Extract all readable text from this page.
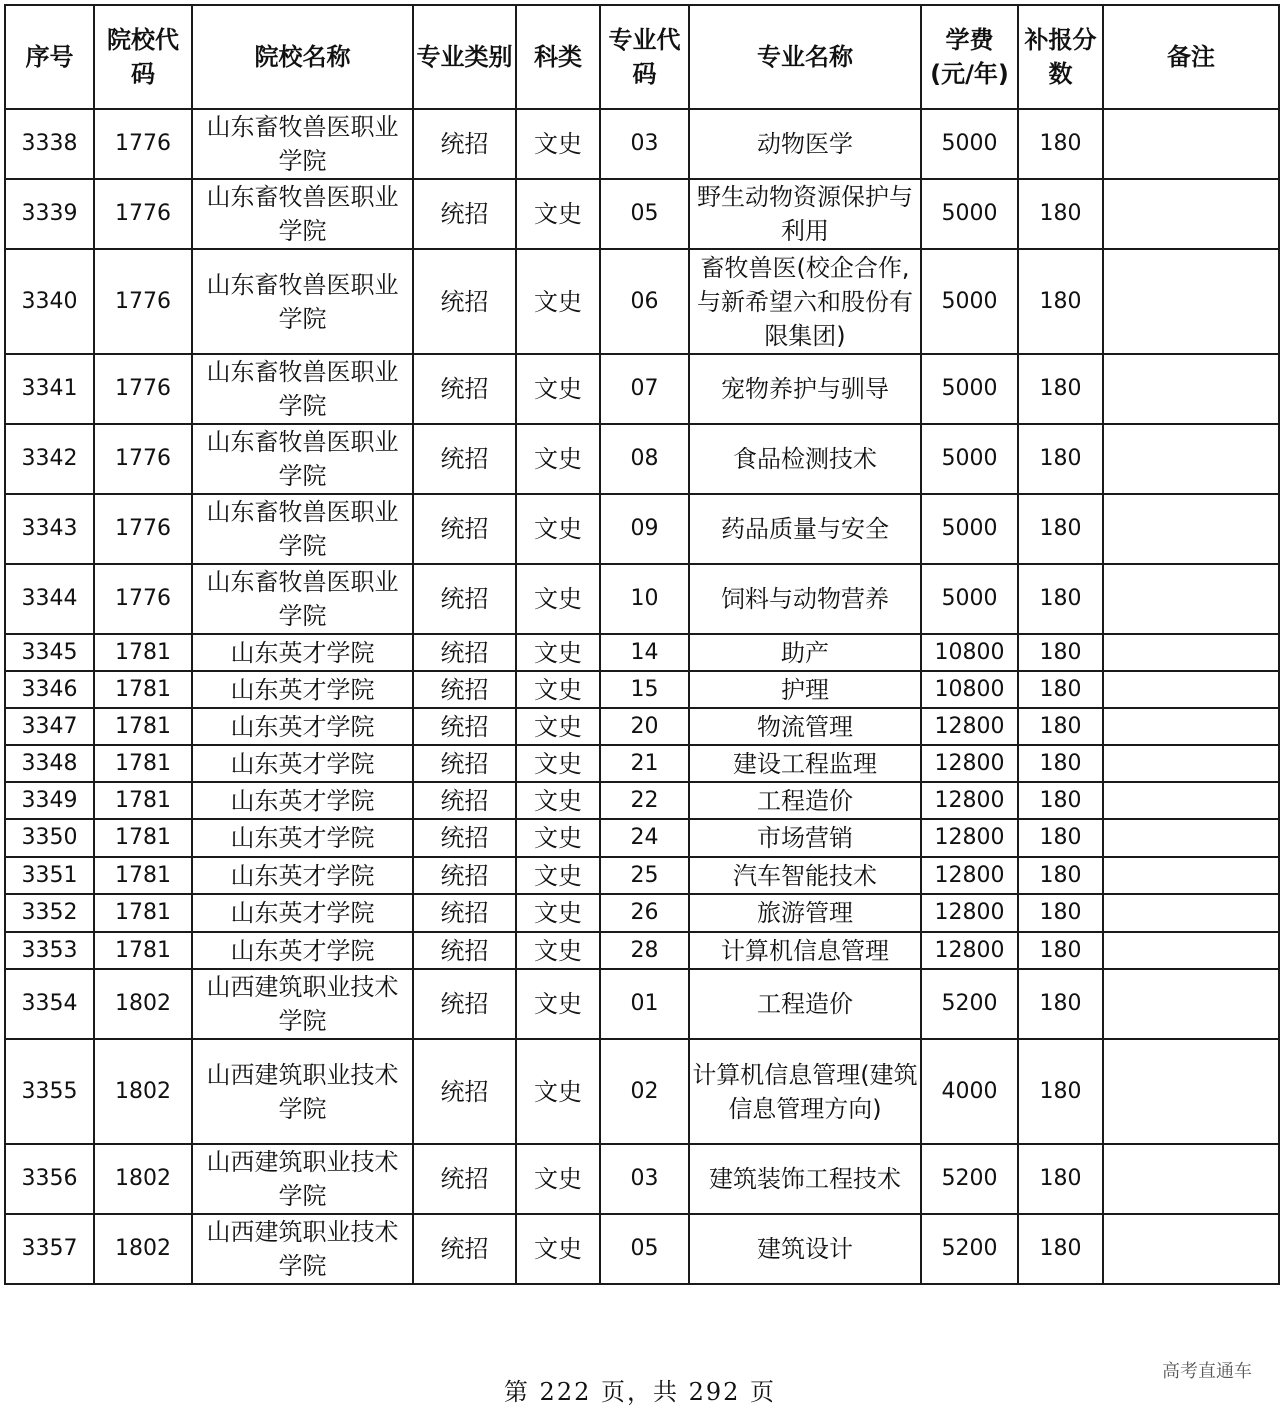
序号	院校代码	院校名称	专业类别	科类	专业代码	专业名称	学费(元/年)	补报分数	备注
3338	1776	山东畜牧兽医职业学院	统招	文史	03	动物医学	5000	180	
3339	1776	山东畜牧兽医职业学院	统招	文史	05	野生动物资源保护与利用	5000	180	
3340	1776	山东畜牧兽医职业学院	统招	文史	06	畜牧兽医(校企合作,与新希望六和股份有限集团)	5000	180	
3341	1776	山东畜牧兽医职业学院	统招	文史	07	宠物养护与驯导	5000	180	
3342	1776	山东畜牧兽医职业学院	统招	文史	08	食品检测技术	5000	180	
3343	1776	山东畜牧兽医职业学院	统招	文史	09	药品质量与安全	5000	180	
3344	1776	山东畜牧兽医职业学院	统招	文史	10	饲料与动物营养	5000	180	
3345	1781	山东英才学院	统招	文史	14	助产	10800	180	
3346	1781	山东英才学院	统招	文史	15	护理	10800	180	
3347	1781	山东英才学院	统招	文史	20	物流管理	12800	180	
3348	1781	山东英才学院	统招	文史	21	建设工程监理	12800	180	
3349	1781	山东英才学院	统招	文史	22	工程造价	12800	180	
3350	1781	山东英才学院	统招	文史	24	市场营销	12800	180	
3351	1781	山东英才学院	统招	文史	25	汽车智能技术	12800	180	
3352	1781	山东英才学院	统招	文史	26	旅游管理	12800	180	
3353	1781	山东英才学院	统招	文史	28	计算机信息管理	12800	180	
3354	1802	山西建筑职业技术学院	统招	文史	01	工程造价	5200	180	
3355	1802	山西建筑职业技术学院	统招	文史	02	计算机信息管理(建筑信息管理方向)	4000	180	
3356	1802	山西建筑职业技术学院	统招	文史	03	建筑装饰工程技术	5200	180	
3357	1802	山西建筑职业技术学院	统招	文史	05	建筑设计	5200	180	
第 222 页，共 292 页
高考直通车
